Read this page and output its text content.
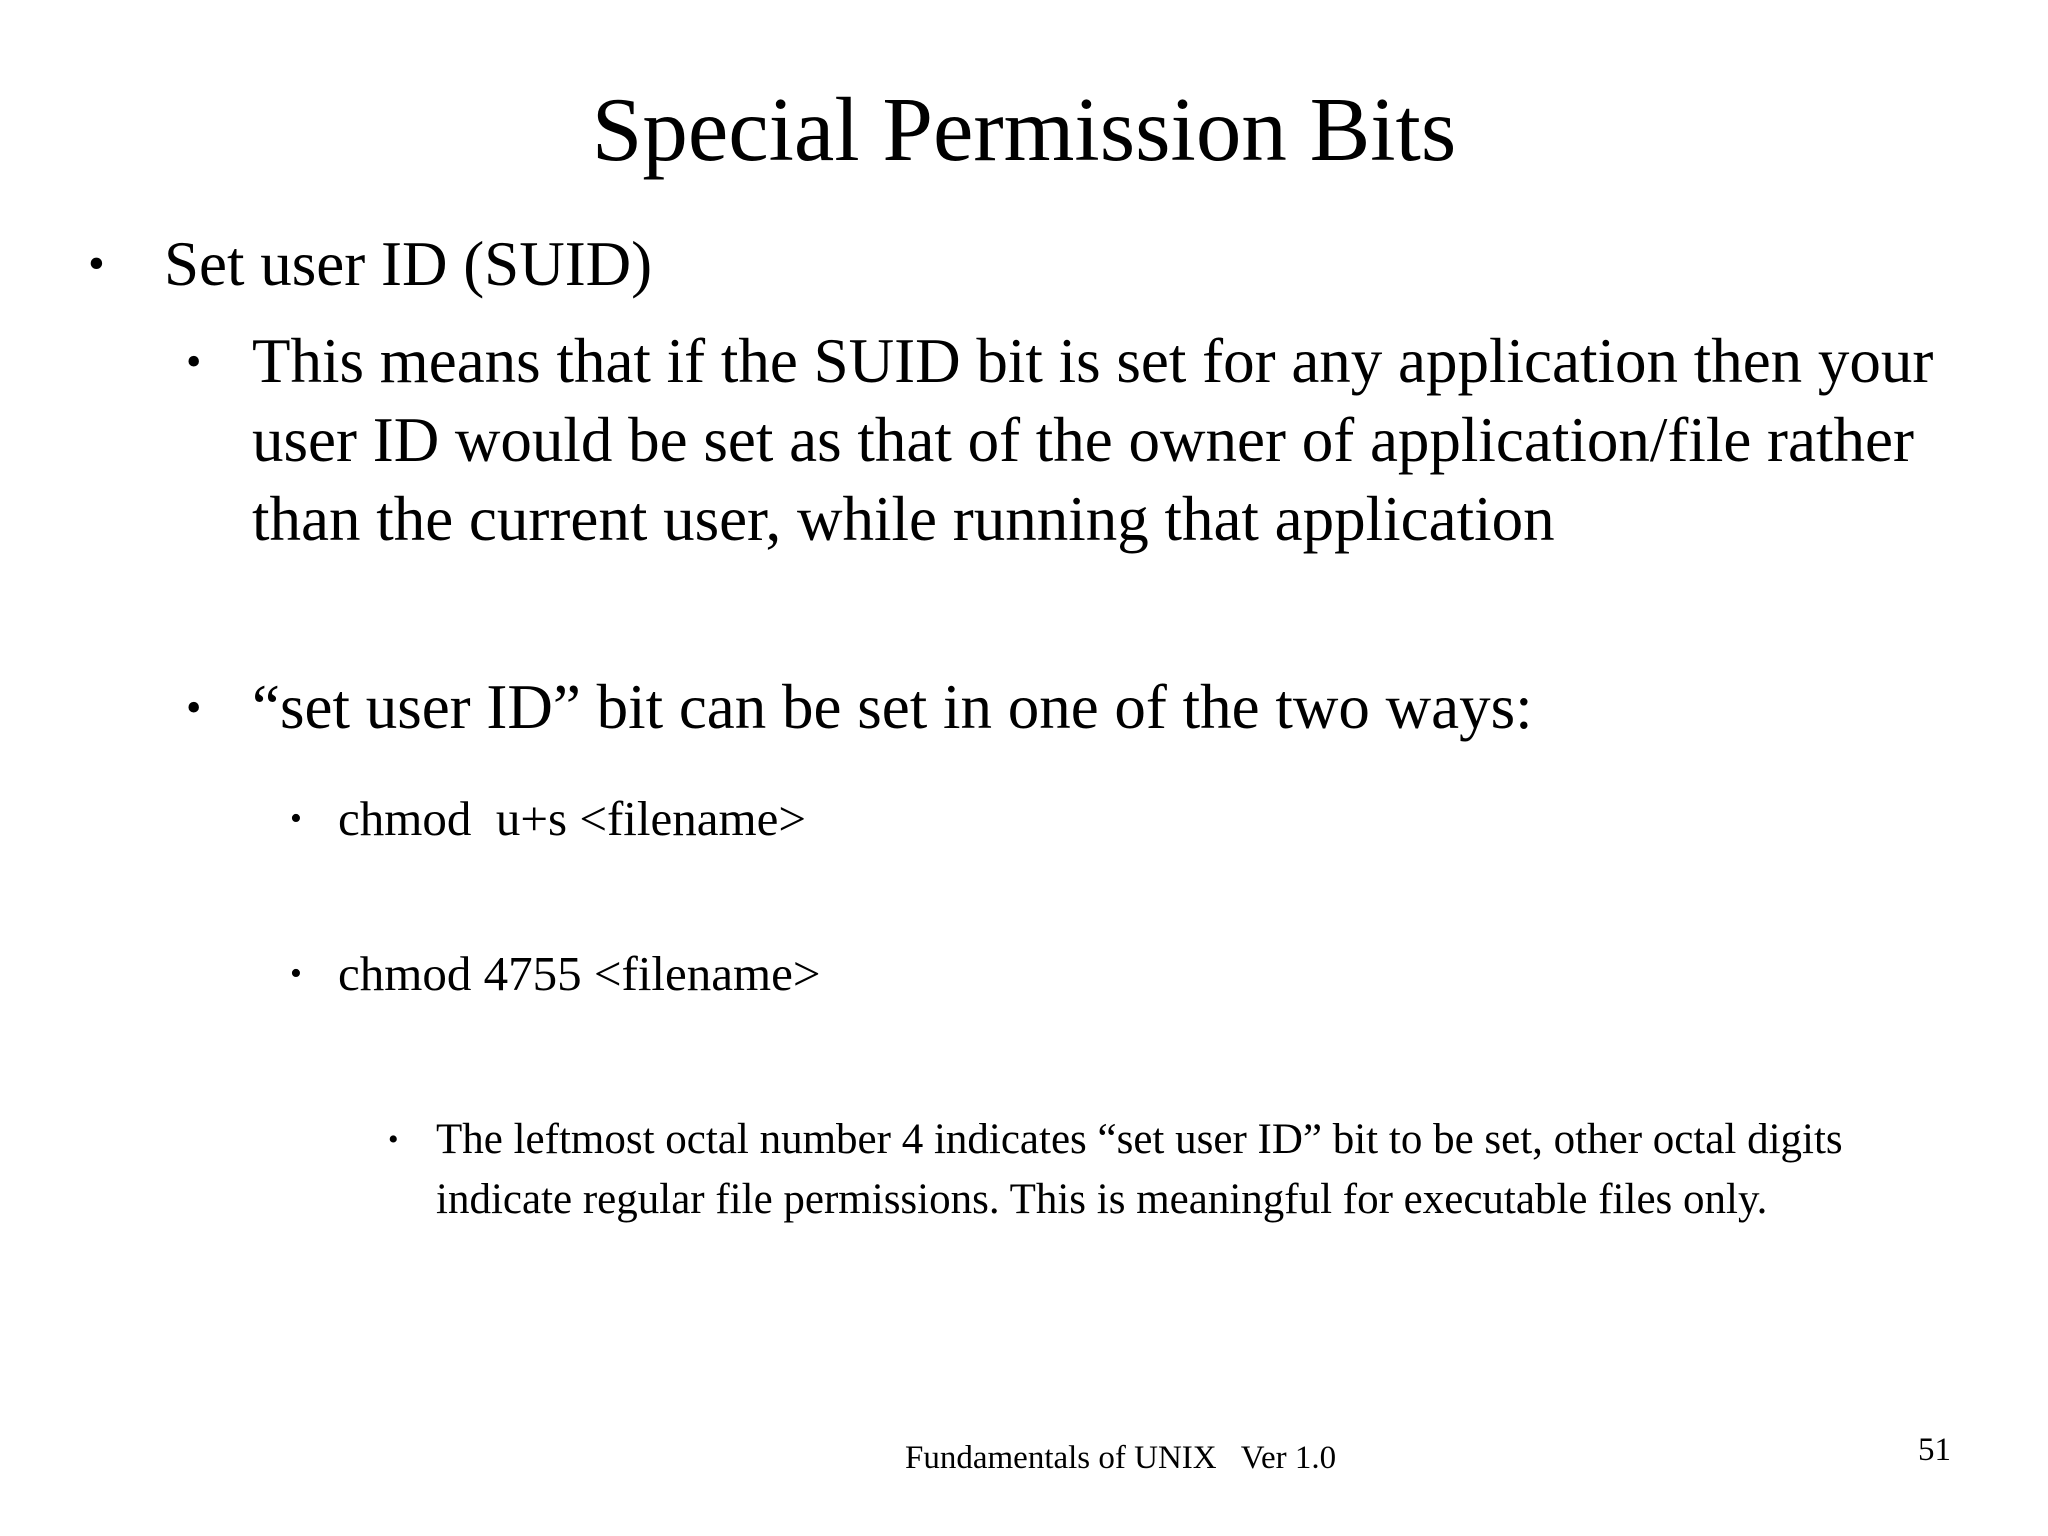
Special Permission Bits
• Set user ID (SUID)
• This means that if the SUID bit is set for any application then your user ID would be set as that of the owner of application/file rather than the current user, while running that application
• “set user ID” bit can be set in one of the two ways:
• chmod  u+s <filename>
• chmod 4755 <filename>
• The leftmost octal number 4 indicates “set user ID” bit to be set, other octal digits indicate regular file permissions. This is meaningful for executable files only.
Fundamentals of UNIX   Ver 1.0	51
